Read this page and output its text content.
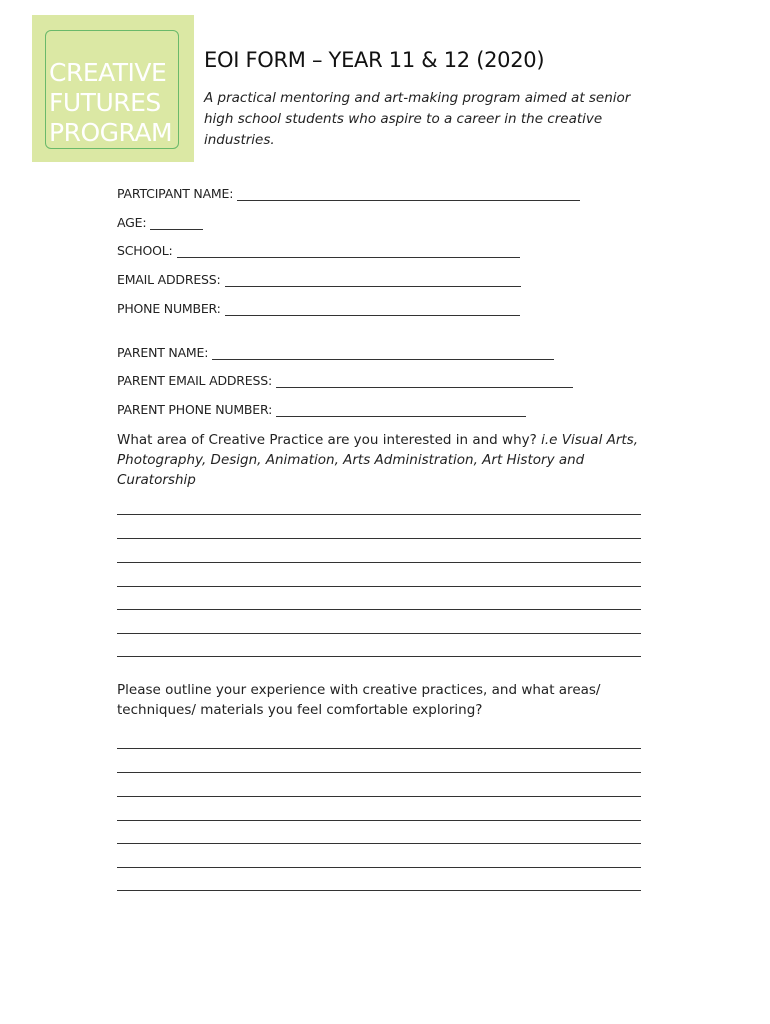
CREATIVE
FUTURES
PROGRAM
EOI FORM – YEAR 11 & 12 (2020)
A practical mentoring and art-making program aimed at senior high school students who aspire to a career in the creative industries.
PARTCIPANT NAME:
AGE:
SCHOOL:
EMAIL ADDRESS:
PHONE NUMBER:
PARENT NAME:
PARENT EMAIL ADDRESS:
PARENT PHONE NUMBER:
What area of Creative Practice are you interested in and why? i.e Visual Arts, Photography, Design, Animation, Arts Administration, Art History and Curatorship
Please outline your experience with creative practices, and what areas/ techniques/ materials you feel comfortable exploring?
